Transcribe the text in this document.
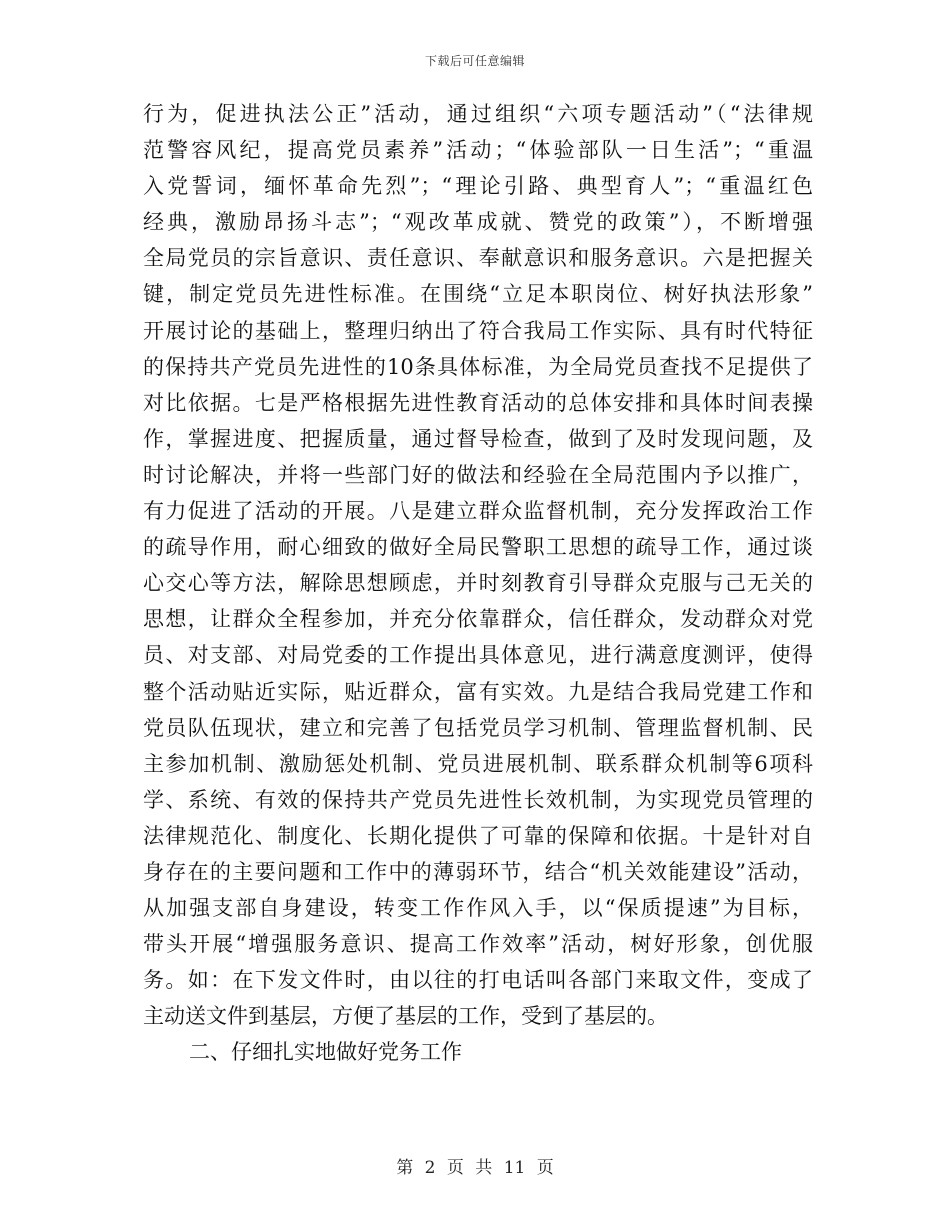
下载后可任意编辑
行为，促进执法公正”活动，通过组织“六项专题活动”（“法律规
范警容风纪，提高党员素养”活动；“体验部队一日生活”；“重温
入党誓词，缅怀革命先烈”；“理论引路、典型育人”；“重温红色
经典，激励昂扬斗志”；“观改革成就、赞党的政策”），不断增强
全局党员的宗旨意识、责任意识、奉献意识和服务意识。六是把握关
键，制定党员先进性标准。在围绕“立足本职岗位、树好执法形象”
开展讨论的基础上，整理归纳出了符合我局工作实际、具有时代特征
的保持共产党员先进性的10条具体标准，为全局党员查找不足提供了
对比依据。七是严格根据先进性教育活动的总体安排和具体时间表操
作，掌握进度、把握质量，通过督导检查，做到了及时发现问题，及
时讨论解决，并将一些部门好的做法和经验在全局范围内予以推广，
有力促进了活动的开展。八是建立群众监督机制，充分发挥政治工作
的疏导作用，耐心细致的做好全局民警职工思想的疏导工作，通过谈
心交心等方法，解除思想顾虑，并时刻教育引导群众克服与己无关的
思想，让群众全程参加，并充分依靠群众，信任群众，发动群众对党
员、对支部、对局党委的工作提出具体意见，进行满意度测评，使得
整个活动贴近实际，贴近群众，富有实效。九是结合我局党建工作和
党员队伍现状，建立和完善了包括党员学习机制、管理监督机制、民
主参加机制、激励惩处机制、党员进展机制、联系群众机制等6项科
学、系统、有效的保持共产党员先进性长效机制，为实现党员管理的
法律规范化、制度化、长期化提供了可靠的保障和依据。十是针对自
身存在的主要问题和工作中的薄弱环节，结合“机关效能建设”活动，
从加强支部自身建设，转变工作作风入手，以“保质提速”为目标，
带头开展“增强服务意识、提高工作效率”活动，树好形象，创优服
务。如：在下发文件时，由以往的打电话叫各部门来取文件，变成了
主动送文件到基层，方便了基层的工作，受到了基层的。
二、仔细扎实地做好党务工作
第 2 页 共 11 页
